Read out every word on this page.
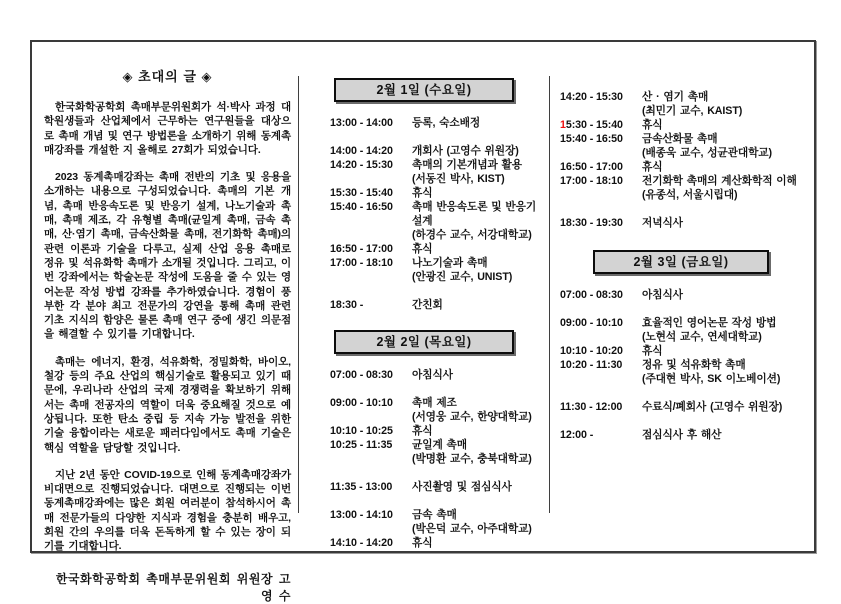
◈ 초대의 글 ◈

한국화학공학회 촉매부문위원회가 석·박사 과정 대학원생들과 산업체에서 근무하는 연구원들을 대상으로 촉매 개념 및 연구 방법론을 소개하기 위해 동계촉매강좌를 개설한 지 올해로 27회가 되었습니다.

2023 동계촉매강좌는 촉매 전반의 기초 및 응용을 소개하는 내용으로 구성되었습니다. 촉매의 기본 개념, 촉매 반응속도론 및 반응기 설계, 나노기술과 촉매, 촉매 제조, 각 유형별 촉매(균일계 촉매, 금속 촉매, 산·염기 촉매, 금속산화물 촉매, 전기화학 촉매)의 관련 이론과 기술을 다루고, 실제 산업 응용 촉매로 정유 및 석유화학 촉매가 소개될 것입니다. 그리고, 이번 강좌에서는 학술논문 작성에 도움을 줄 수 있는 영어논문 작성 방법 강좌를 추가하였습니다. 경험이 풍부한 각 분야 최고 전문가의 강연을 통해 촉매 관련 기초 지식의 함양은 물론 촉매 연구 중에 생긴 의문점을 해결할 수 있기를 기대합니다.

촉매는 에너지, 환경, 석유화학, 정밀화학, 바이오, 철강 등의 주요 산업의 핵심기술로 활용되고 있기 때문에, 우리나라 산업의 국제 경쟁력을 확보하기 위해서는 촉매 전공자의 역할이 더욱 중요해질 것으로 예상됩니다. 또한 탄소 중립 등 지속 가능 발전을 위한 기술 융합이라는 새로운 패러다임에서도 촉매 기술은 핵심 역할을 담당할 것입니다.

지난 2년 동안 COVID-19으로 인해 동계촉매강좌가 비대면으로 진행되었습니다. 대면으로 진행되는 이번 동계촉매강좌에는 많은 회원 여러분이 참석하시어 촉매 전문가들의 다양한 지식과 경험을 충분히 배우고, 회원 간의 우의를 더욱 돈독하게 할 수 있는 장이 되기를 기대합니다.

한국화학공학회 촉매부문위원회 위원장 고 영 수
2월 1일 (수요일)
13:00 - 14:00	등록, 숙소배정
14:00 - 14:20	개회사 (고영수 위원장)
14:20 - 15:30	촉매의 기본개념과 활용
(서동진 박사, KIST)
15:30 - 15:40	휴식
15:40 - 16:50	촉매 반응속도론 및 반응기 설계
(하경수 교수, 서강대학교)
16:50 - 17:00	휴식
17:00 - 18:10	나노기술과 촉매
(안광진 교수, UNIST)
18:30 -	간친회
2월 2일 (목요일)
07:00 - 08:30	아침식사
09:00 - 10:10	촉매 제조
(서영웅 교수, 한양대학교)
10:10 - 10:25	휴식
10:25 - 11:35	균일계 촉매
(박명환 교수, 충북대학교)
11:35 - 13:00	사진촬영 및 점심식사
13:00 - 14:10	금속 촉매
(박은덕 교수, 아주대학교)
14:10 - 14:20	휴식
14:20 - 15:30	산 · 염기 촉매
(최민기 교수, KAIST)
15:30 - 15:40	휴식
15:40 - 16:50	금속산화물 촉매
(배종욱 교수, 성균관대학교)
16:50 - 17:00	휴식
17:00 - 18:10	전기화학 촉매의 계산화학적 이해
(유종석, 서울시립대)
18:30 - 19:30	저녁식사
2월 3일 (금요일)
07:00 - 08:30	아침식사
09:00 - 10:10	효율적인 영어논문 작성 방법
(노현석 교수, 연세대학교)
10:10 - 10:20	휴식
10:20 - 11:30	정유 및 석유화학 촉매
(주대현 박사, SK 이노베이션)
11:30 - 12:00	수료식/폐회사 (고영수 위원장)
12:00 -	점심식사 후 해산
